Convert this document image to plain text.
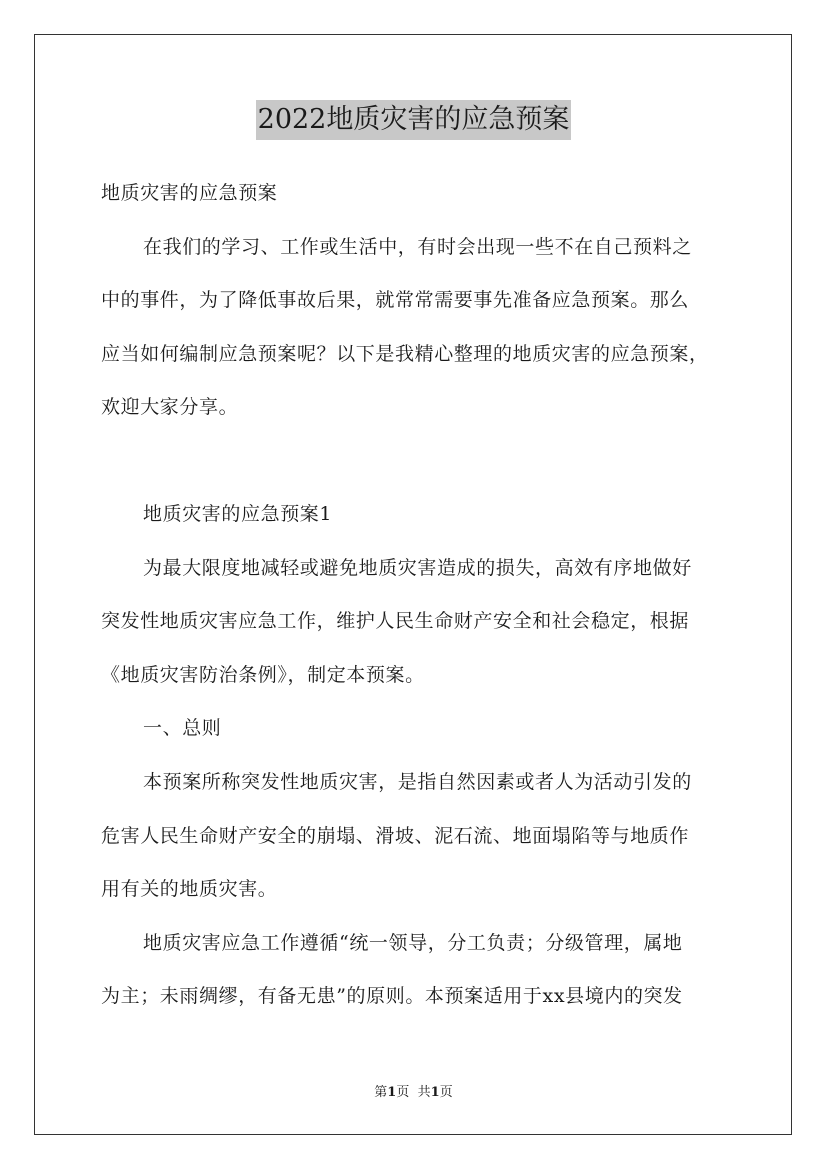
2022地质灾害的应急预案
地质灾害的应急预案
在我们的学习、工作或生活中，有时会出现一些不在自己预料之
中的事件，为了降低事故后果，就常常需要事先准备应急预案。那么
应当如何编制应急预案呢？以下是我精心整理的地质灾害的应急预案，
欢迎大家分享。
地质灾害的应急预案1
为最大限度地减轻或避免地质灾害造成的损失，高效有序地做好
突发性地质灾害应急工作，维护人民生命财产安全和社会稳定，根据
《地质灾害防治条例》，制定本预案。
一、总则
本预案所称突发性地质灾害，是指自然因素或者人为活动引发的
危害人民生命财产安全的崩塌、滑坡、泥石流、地面塌陷等与地质作
用有关的地质灾害。
地质灾害应急工作遵循“统一领导，分工负责；分级管理，属地
为主；未雨绸缪，有备无患”的原则。本预案适用于xx县境内的突发
第1页 共1页
